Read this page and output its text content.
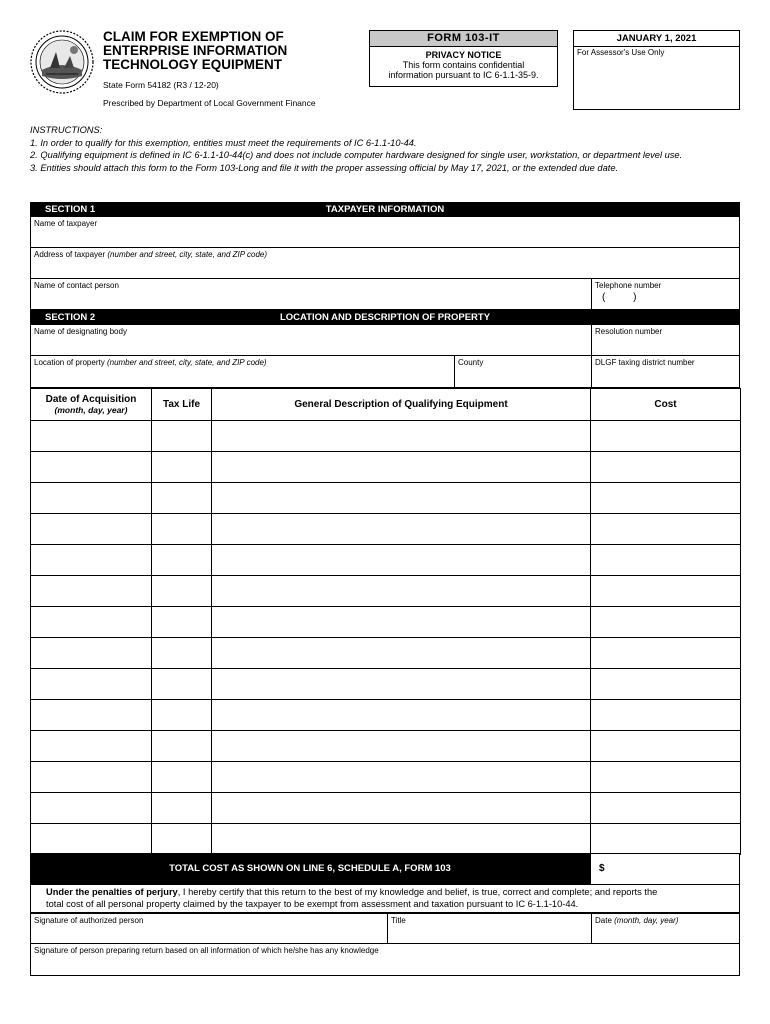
CLAIM FOR EXEMPTION OF
ENTERPRISE INFORMATION
TECHNOLOGY EQUIPMENT
State Form 54182 (R3 / 12-20)
Prescribed by Department of Local Government Finance
FORM 103-IT
PRIVACY NOTICE
This form contains confidential
information pursuant to IC 6-1.1-35-9.
JANUARY 1, 2021
For Assessor's Use Only
INSTRUCTIONS:
1. In order to qualify for this exemption, entities must meet the requirements of IC 6-1.1-10-44.
2. Qualifying equipment is defined in IC 6-1.1-10-44(c) and does not include computer hardware designed for single user, workstation, or department level use.
3. Entities should attach this form to the Form 103-Long and file it with the proper assessing official by May 17, 2021, or the extended due date.
TAXPAYER INFORMATION
SECTION 1
Name of taxpayer
Address of taxpayer (number and street, city, state, and ZIP code)
Name of contact person	Telephone number
(          )
LOCATION AND DESCRIPTION OF PROPERTY
SECTION 2
Name of designating body	Resolution number
Location of property (number and street, city, state, and ZIP code)	County	DLGF taxing district number
Date of Acquisition
(month, day, year)	Tax Life	General Description of Qualifying Equipment	Cost

TOTAL COST AS SHOWN ON LINE 6, SCHEDULE A, FORM 103	$
Under the penalties of perjury, I hereby certify that this return to the best of my knowledge and belief, is true, correct and complete; and reports the
total cost of all personal property claimed by the taxpayer to be exempt from assessment and taxation pursuant to IC 6-1.1-10-44.
Signature of authorized person	Title	Date (month, day, year)
Signature of person preparing return based on all information of which he/she has any knowledge
